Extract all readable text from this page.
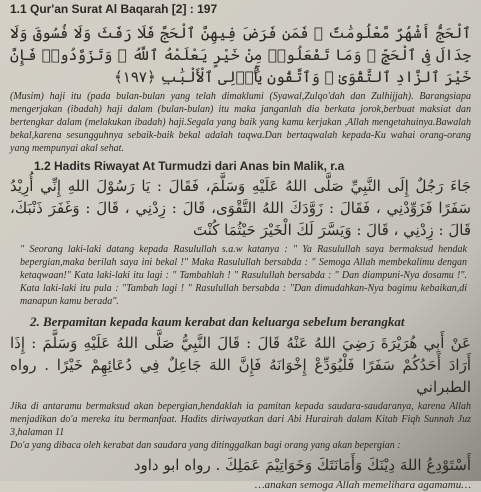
1.1 Qur'an Surat Al Baqarah [2] : 197

ٱلْحَجُّ أَشْهُرٌ مَّعْلُومَٰتٌ ۚ فَمَن فَرَضَ فِيهِنَّ ٱلْحَجَّ فَلَا رَفَثَ وَلَا فُسُوقَ وَلَا جِدَالَ فِى ٱلْحَجِّ ۗ وَمَا تَفْعَلُوا۟ مِنْ خَيْرٍ يَعْلَمْهُ ٱللَّهُ ۗ وَتَزَوَّدُوا۟ فَإِنَّ خَيْرَ ٱلزَّادِ ٱلتَّقْوَىٰ ۚ وَٱتَّقُونِ يَٰٓأُو۟لِى ٱلْأَلْبَٰبِ ﴿١٩٧﴾

(Musim) haji itu (pada bulan-bulan yang telah dimaklumi (Syawal,Zulqo'dah dan Zulhijjah). Barangsiapa mengerjakan (ibadah) haji dalam (bulan-bulan) itu maka janganlah dia berkata jorok,berbuat maksiat dan bertengkar dalam (melakukan ibadah) haji.Segala yang baik yang kamu kerjakan ,Allah mengetahuinya.Bawalah bekal,karena sesungguhnya sebaik-baik bekal adalah taqwa.Dan bertaqwalah kepada-Ku wahai orang-orang yang mempunyai akal sehat.

1.2 Hadits Riwayat At Turmudzi dari Anas bin Malik, r.a

جَاءَ رَجُلٌ إِلَى النَّبِيِّ صَلَّى اللهُ عَلَيْهِ وَسَلَّمَ، فَقَالَ : يَا رَسُوْلَ اللهِ إِنِّي أُرِيْدُ سَفَرًا فَزَوِّدْنِي ، فَقَالَ : زَوَّدَكَ اللهُ التَّقْوَى، قَالَ : زِدْنِي ، قَالَ : وَغَفَرَ ذَنْبَكَ، قَالَ : زِدْنِي ، قَالَ : وَيَسَّرَ لَكَ الْخَيْرَ حَيْثُمَا كُنْتَ

" Seorang laki-laki datang kepada Rasulullah s.a.w katanya : " Ya Rasulullah saya bermaksud hendak bepergian,maka berilah saya ini bekal !" Maka Rasulullah bersabda : " Semoga Allah membekalimu dengan ketaqwaan!" Kata laki-laki itu lagi : " Tambahlah ! " Rasulullah bersabda : " Dan diampuni-Nya dosamu !". Kata laki-laki itu pula : "Tambah lagi ! " Rasulullah bersabda : "Dan dimudahkan-Nya bagimu kebaikan,di manapun kamu berada".

2. Berpamitan kepada kaum kerabat dan keluarga sebelum berangkat

عَنْ أَبِي هُرَيْرَةَ رَضِيَ اللهُ عَنْهُ قَالَ : قَالَ النَّبِيُّ صَلَّى اللهُ عَلَيْهِ وَسَلَّمَ : إِذَا أَرَادَ أَحَدُكُمْ سَفَرًا فَلْيُوَدِّعْ إِخْوَانَهُ فَإِنَّ اللهَ جَاعِلٌ فِي دُعَائِهِمْ خَيْرًا . رواه الطبراني

Jika di antaramu bermaksud akan bepergian,hendaklah ia pamitan kepada saudara-saudaranya, karena Allah menjadikan do'a mereka itu bermanfaat. Hadits diriwayatkan dari Abi Hurairah dalam Kitab Fiqh Sunnah Juz 3,halaman 11

Do'a yang dibaca oleh kerabat dan saudara yang ditinggalkan bagi orang yang akan bepergian :

أَسْتَوْدِعُ اللهَ دِيْنَكَ وَأَمَانَتَكَ وَخَوَاتِيْمَ عَمَلِكَ . رواه ابو داود

…anakan semoga Allah memelihara agamamu…
